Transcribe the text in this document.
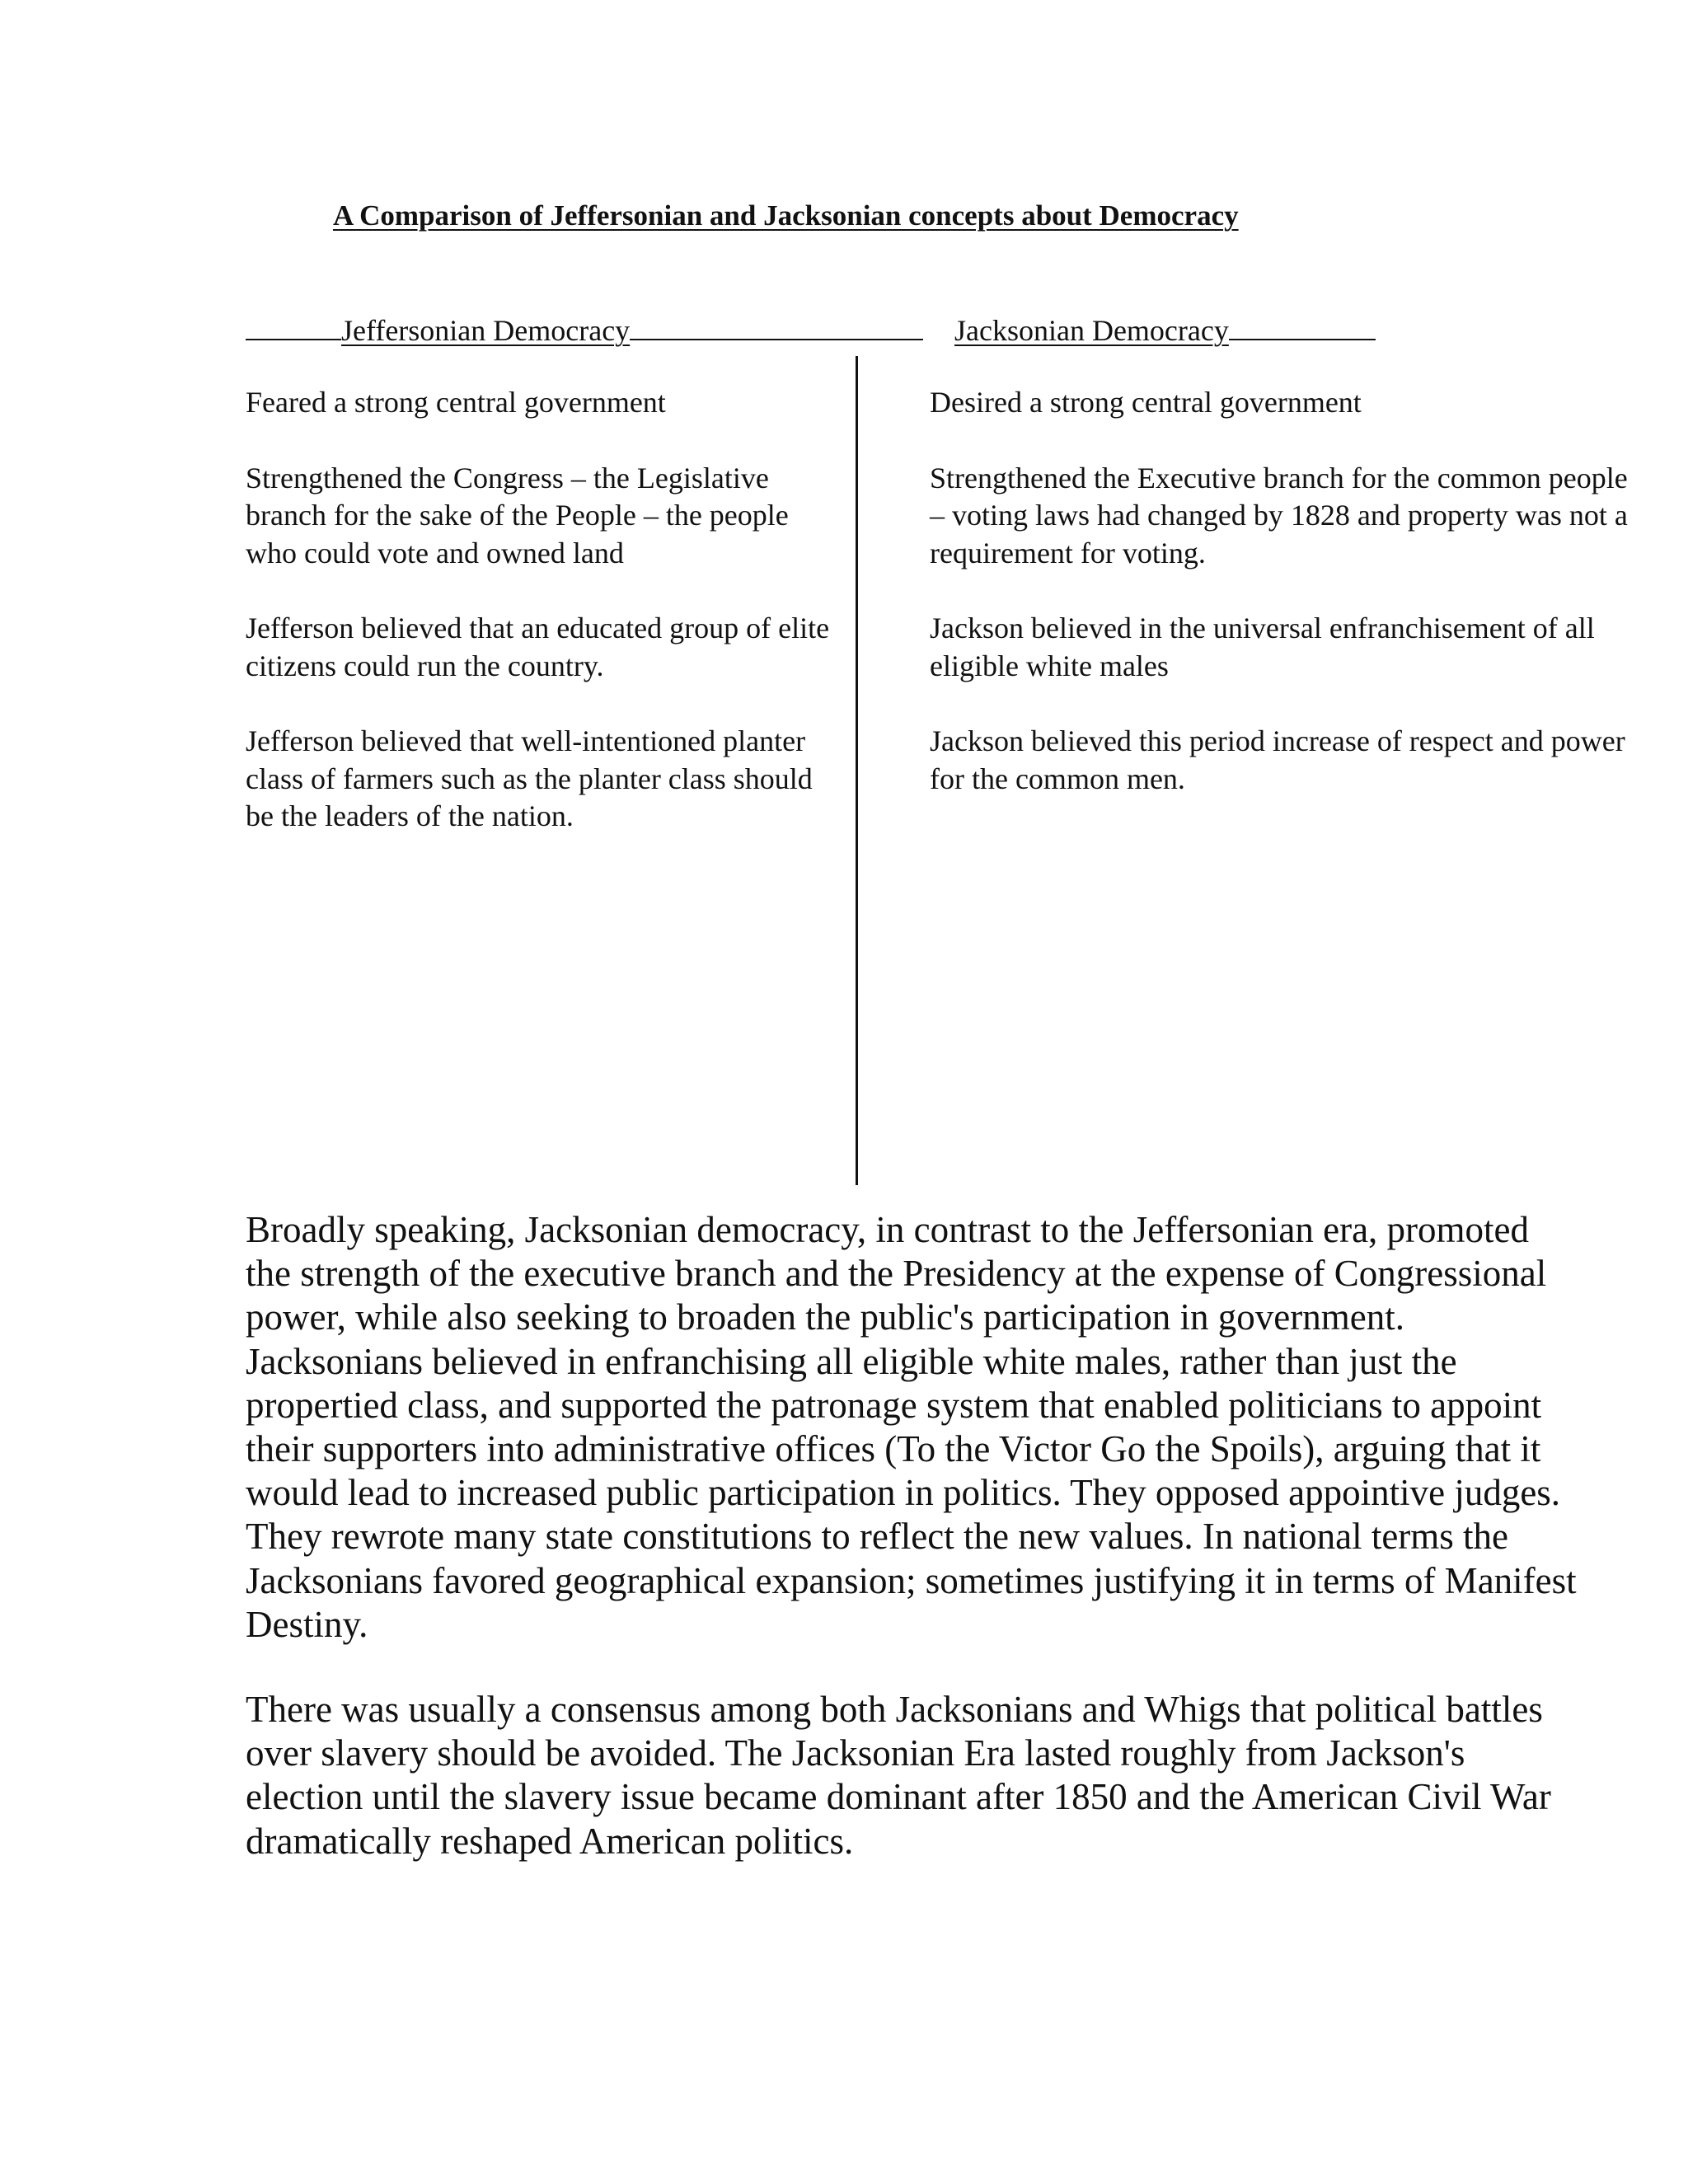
A Comparison of Jeffersonian and Jacksonian concepts about Democracy
Jeffersonian Democracy	Jacksonian Democracy

Feared a strong central government

Strengthened the Congress – the Legislative branch for the sake of the People – the people who could vote and owned land

Jefferson believed that an educated group of elite citizens could run the country.

Jefferson believed that well-intentioned planter class of farmers such as the planter class should be the leaders of the nation.

Desired a strong central government

Strengthened the Executive branch for the common people – voting laws had changed by 1828 and property was not a requirement for voting.

Jackson believed in the universal enfranchisement of all eligible white males

Jackson believed this period increase of respect and power for the common men.

Broadly speaking, Jacksonian democracy, in contrast to the Jeffersonian era, promoted the strength of the executive branch and the Presidency at the expense of Congressional power, while also seeking to broaden the public's participation in government. Jacksonians believed in enfranchising all eligible white males, rather than just the propertied class, and supported the patronage system that enabled politicians to appoint their supporters into administrative offices (To the Victor Go the Spoils), arguing that it would lead to increased public participation in politics. They opposed appointive judges. They rewrote many state constitutions to reflect the new values. In national terms the Jacksonians favored geographical expansion; sometimes justifying it in terms of Manifest Destiny.

There was usually a consensus among both Jacksonians and Whigs that political battles over slavery should be avoided. The Jacksonian Era lasted roughly from Jackson's election until the slavery issue became dominant after 1850 and the American Civil War dramatically reshaped American politics.
